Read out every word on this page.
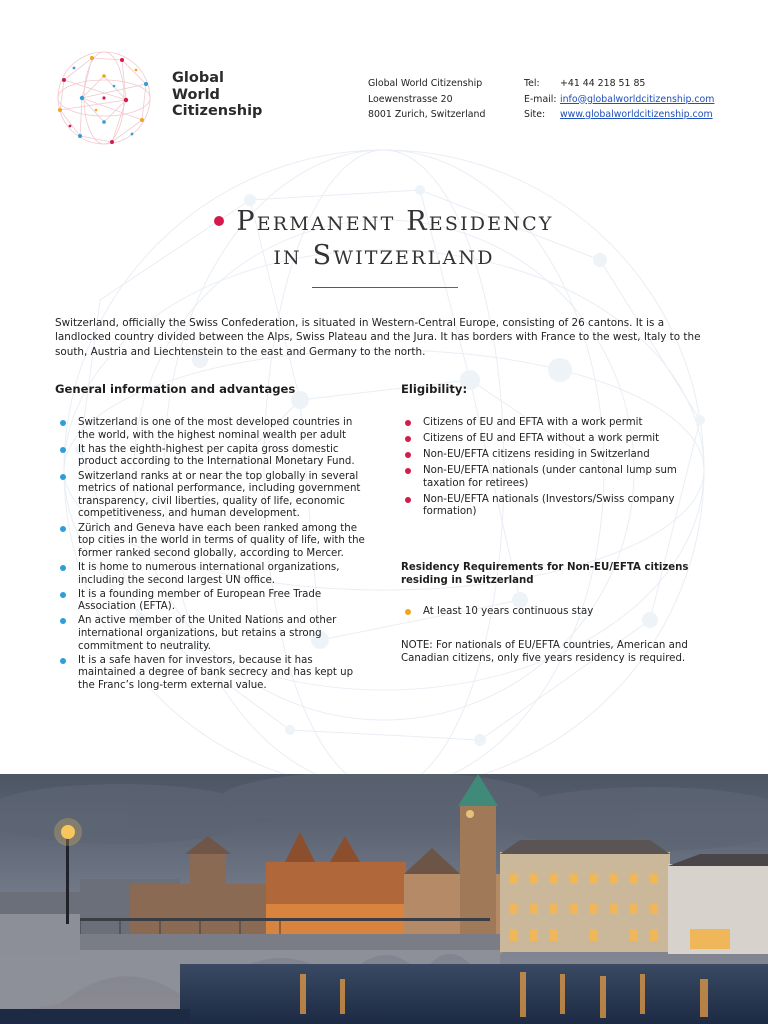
Global
World
Citizenship
Global World Citizenship
Loewenstrasse 20
8001 Zurich, Switzerland
Tel:
E-mail:
Site:
+41 44 218 51 85
info@globalworldcitizenship.com
www.globalworldcitizenship.com
Permanent Residency
in Switzerland
Switzerland, officially the Swiss Confederation, is situated in Western-Central Europe, consisting of 26 cantons. It is a landlocked country divided between the Alps, Swiss Plateau and the Jura. It has borders with France to the west, Italy to the south, Austria and Liechtenstein to the east and Germany to the north.
General information and advantages
Switzerland is one of the most developed countries in the world, with the highest nominal wealth per adult
It has the eighth-highest per capita gross domestic product according to the International Monetary Fund.
Switzerland ranks at or near the top globally in several metrics of national performance, including government transparency, civil liberties, quality of life, economic competitiveness, and human development.
Zürich and Geneva have each been ranked among the top cities in the world in terms of quality of life, with the former ranked second globally, according to Mercer.
It is home to numerous international organizations, including the second largest UN office.
It is a founding member of European Free Trade Association (EFTA).
An active member of the United Nations and other international organizations, but retains a strong commitment to neutrality.
It is a safe haven for investors, because it has maintained a degree of bank secrecy and has kept up the Franc’s long-term external value.
Eligibility:
Citizens of EU and EFTA with a work permit
Citizens of EU and EFTA without a work permit
Non-EU/EFTA citizens residing in Switzerland
Non-EU/EFTA nationals (under cantonal lump sum taxation for retirees)
Non-EU/EFTA nationals (Investors/Swiss company formation)
Residency Requirements for Non-EU/EFTA citizens residing in Switzerland
At least 10 years continuous stay
NOTE: For nationals of EU/EFTA countries, American and Canadian citizens, only five years residency is required.
